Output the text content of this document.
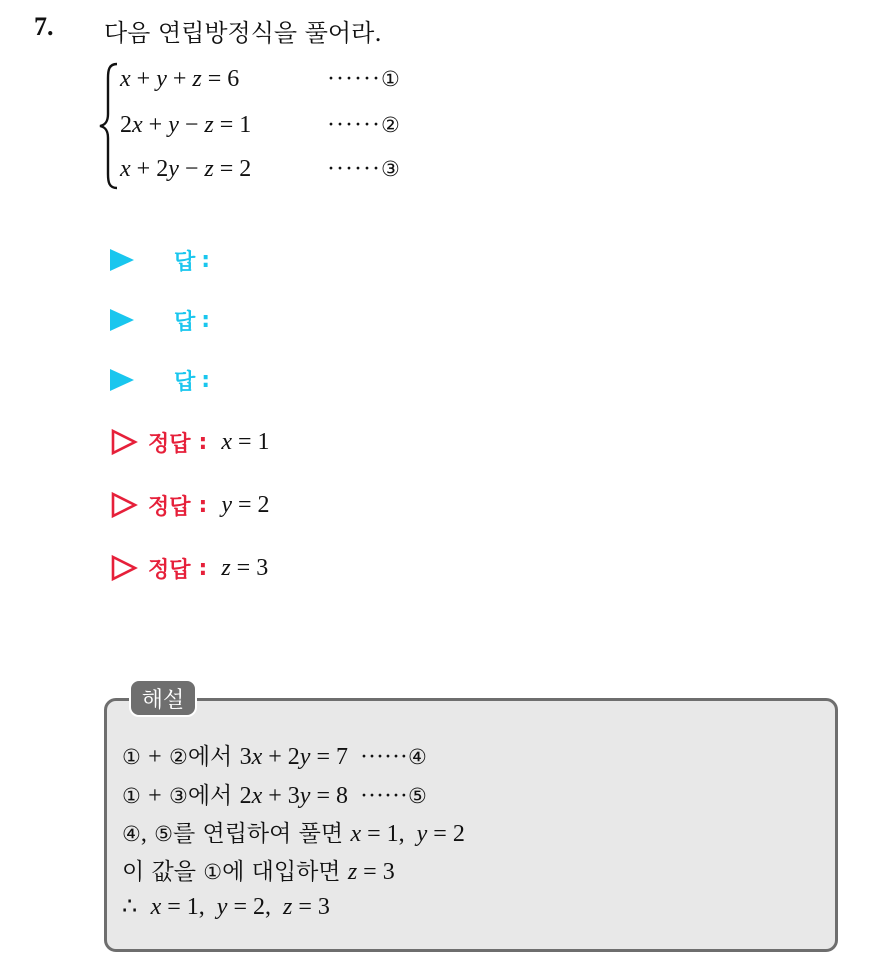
7. 다음 연립방정식을 풀어라.
x + y + z = 6	······①
2x + y − z = 1	······②
x + 2y − z = 2	······③
답 :
답 :
답 :
정답 : x = 1
정답 : y = 2
정답 : z = 3
해설
① + ②에서 3x + 2y = 7  ······④
① + ③에서 2x + 3y = 8  ······⑤
④, ⑤를 연립하여 풀면 x = 1,  y = 2
이 값을 ①에 대입하면 z = 3
∴ x = 1,  y = 2,  z = 3
